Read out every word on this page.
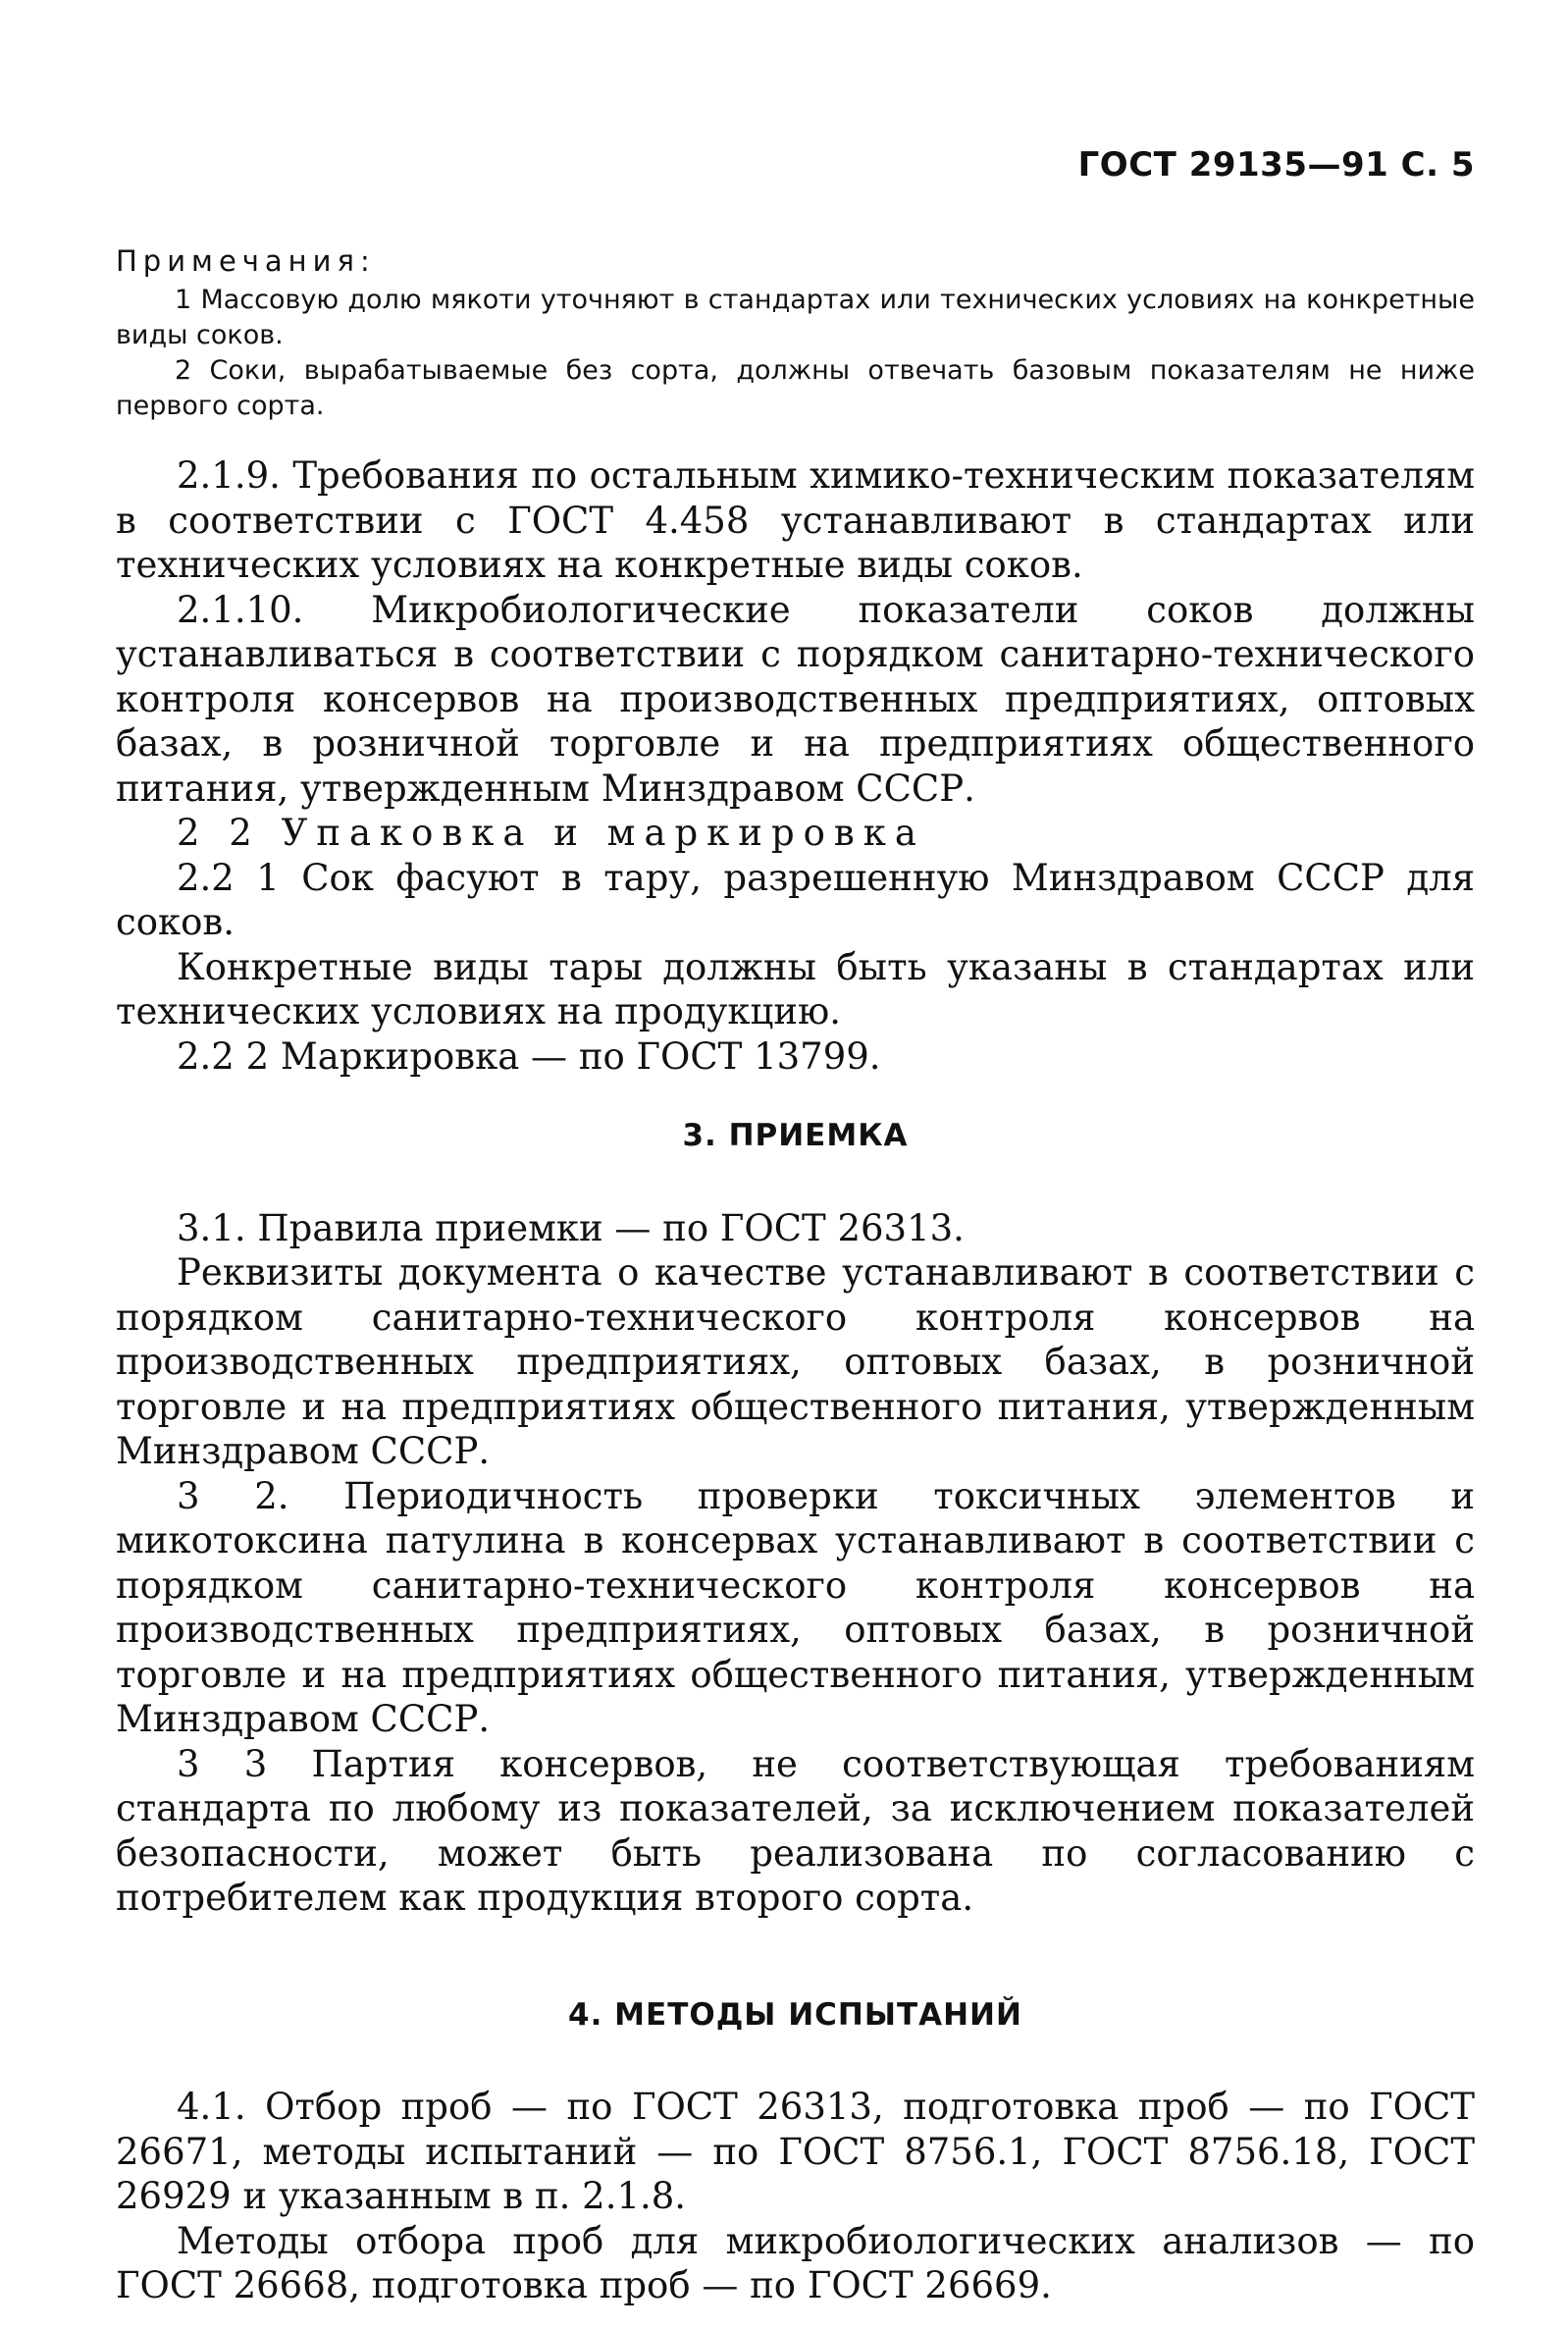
ГОСТ 29135—91 С. 5
Примечания:

1 Массовую долю мякоти уточняют в стандартах или технических условиях на конкретные виды соков.

2 Соки, вырабатываемые без сорта, должны отвечать базовым показателям не ниже первого сорта.

2.1.9. Требования по остальным химико-техническим показателям в соответствии с ГОСТ 4.458 устанавливают в стандартах или технических условиях на конкретные виды соков.

2.1.10. Микробиологические показатели соков должны устанавливаться в соответствии с порядком санитарно-технического контроля консервов на производственных предприятиях, оптовых базах, в розничной торговле и на предприятиях общественного питания, утвержденным Минздравом СССР.

2 2 Упаковка и маркировка

2.2 1 Сок фасуют в тару, разрешенную Минздравом СССР для соков.

Конкретные виды тары должны быть указаны в стандартах или технических условиях на продукцию.

2.2 2 Маркировка — по ГОСТ 13799.

3. ПРИЕМКА

3.1. Правила приемки — по ГОСТ 26313.

Реквизиты документа о качестве устанавливают в соответствии с порядком санитарно-технического контроля консервов на производственных предприятиях, оптовых базах, в розничной торговле и на предприятиях общественного питания, утвержденным Минздравом СССР.

3 2. Периодичность проверки токсичных элементов и микотоксина патулина в консервах устанавливают в соответствии с порядком санитарно-технического контроля консервов на производственных предприятиях, оптовых базах, в розничной торговле и на предприятиях общественного питания, утвержденным Минздравом СССР.

3 3 Партия консервов, не соответствующая требованиям стандарта по любому из показателей, за исключением показателей безопасности, может быть реализована по согласованию с потребителем как продукция второго сорта.

4. МЕТОДЫ ИСПЫТАНИЙ

4.1. Отбор проб — по ГОСТ 26313, подготовка проб — по ГОСТ 26671, методы испытаний — по ГОСТ 8756.1, ГОСТ 8756.18, ГОСТ 26929 и указанным в п. 2.1.8.

Методы отбора проб для микробиологических анализов — по ГОСТ 26668, подготовка проб — по ГОСТ 26669.
